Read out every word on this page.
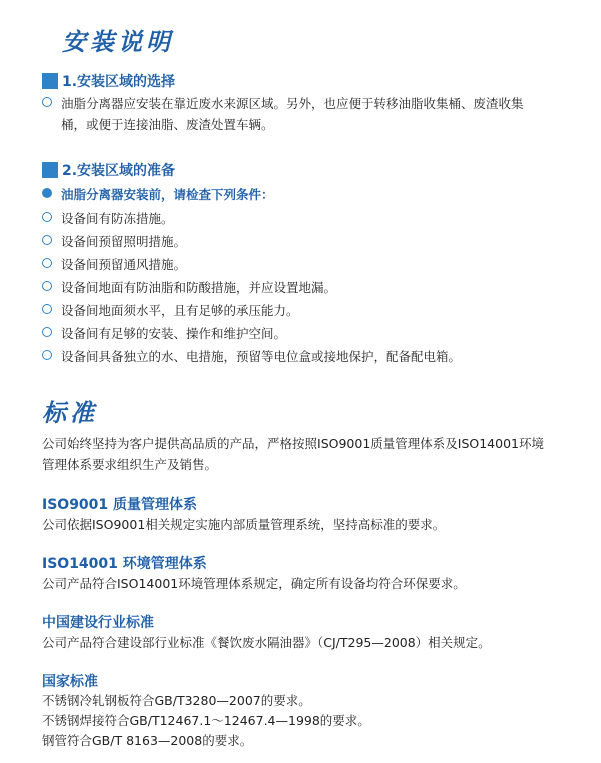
安装说明
1.安装区域的选择
油脂分离器应安装在靠近废水来源区域。另外，也应便于转移油脂收集桶、废渣收集
桶，或便于连接油脂、废渣处置车辆。
2.安装区域的准备
油脂分离器安装前，请检查下列条件：
设备间有防冻措施。
设备间预留照明措施。
设备间预留通风措施。
设备间地面有防油脂和防酸措施，并应设置地漏。
设备间地面须水平，且有足够的承压能力。
设备间有足够的安装、操作和维护空间。
设备间具备独立的水、电措施，预留等电位盒或接地保护，配备配电箱。
标准
公司始终坚持为客户提供高品质的产品，严格按照ISO9001质量管理体系及ISO14001环境
管理体系要求组织生产及销售。
ISO9001 质量管理体系
公司依据ISO9001相关规定实施内部质量管理系统，坚持高标准的要求。
ISO14001 环境管理体系
公司产品符合ISO14001环境管理体系规定，确定所有设备均符合环保要求。
中国建设行业标准
公司产品符合建设部行业标准《餐饮废水隔油器》（CJ/T295—2008）相关规定。
国家标准
不锈钢冷轧钢板符合GB/T3280—2007的要求。
不锈钢焊接符合GB/T12467.1～12467.4—1998的要求。
钢管符合GB/T 8163—2008的要求。
